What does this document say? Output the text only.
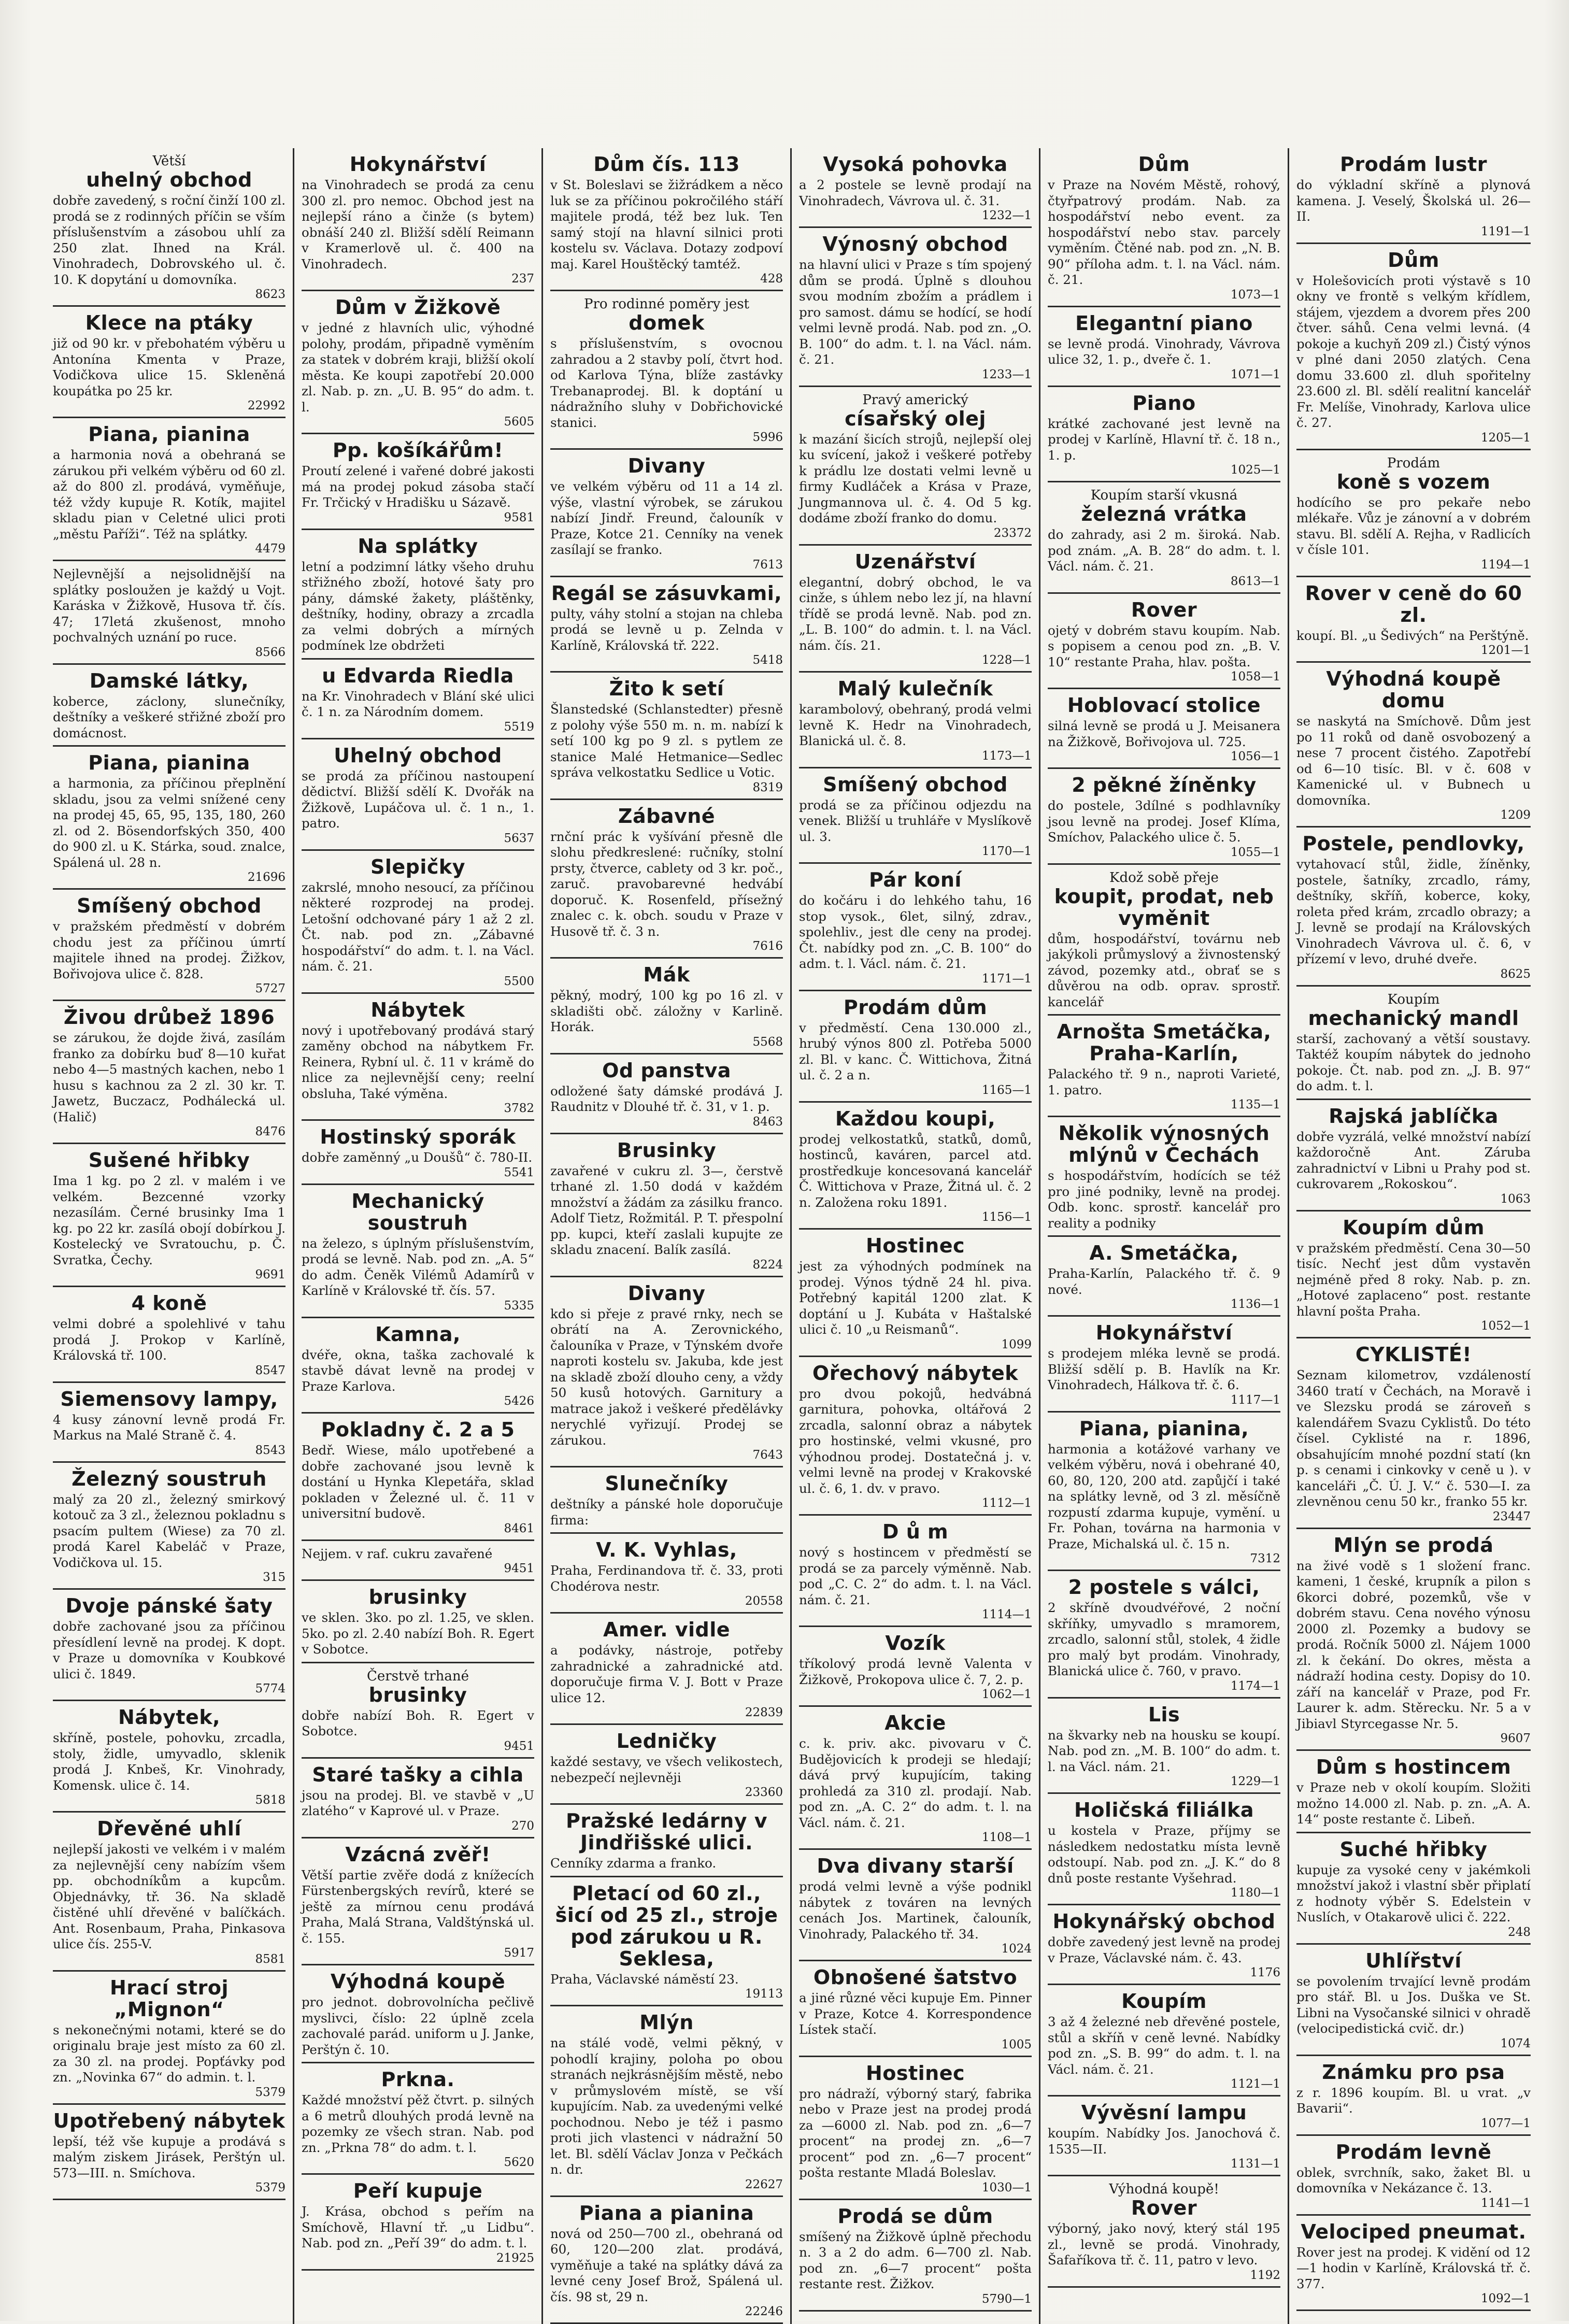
Větší

uhelný obchod

dobře zavedený, s roční činží 100 zl. prodá se z rodinných příčin se vším příslušenstvím a zásobou uhlí za 250 zlat. Ihned na Král. Vinohradech, Dobrovského ul. č. 10. K dopytání u domovníka.

8623

Klece na ptáky

již od 90 kr. v přebohatém výběru u Antonína Kmenta v Praze, Vodičkova ulice 15. Skleněná koupátka po 25 kr.

22992

Piana, pianina

a harmonia nová a obehraná se zárukou při velkém výběru od 60 zl. až do 800 zl. prodává, vyměňuje, též vždy kupuje R. Kotík, majitel skladu pian v Celetné ulici proti „městu Paříži“. Též na splátky.

4479

Nejlevnější a nejsolidnější na splátky posloužen je každý u Vojt. Karáska v Žižkově, Husova tř. čís. 47; 17letá zkušenost, mnoho pochvalných uznání po ruce.

8566

Damské látky,

koberce, záclony, slunečníky, deštníky a veškeré střižné zboží pro domácnost.

Piana, pianina

a harmonia, za příčinou přeplnění skladu, jsou za velmi snížené ceny na prodej 45, 65, 95, 135, 180, 260 zl. od 2. Bösendorfských 350, 400 do 900 zl. u K. Stárka, soud. znalce, Spálená ul. 28 n.

21696

Smíšený obchod

v pražském předměstí v dobrém chodu jest za příčinou úmrtí majitele ihned na prodej. Žižkov, Bořivojova ulice č. 828.

5727

Živou drůbež 1896

se zárukou, že dojde živá, zasílám franko za dobírku buď 8—10 kuřat nebo 4—5 mastných kachen, nebo 1 husu s kachnou za 2 zl. 30 kr. T. Jawetz, Buczacz, Podhálecká ul. (Halič)

8476

Sušené hřibky

Ima 1 kg. po 2 zl. v malém i ve velkém. Bezcenné vzorky nezasílám. Černé brusinky Ima 1 kg. po 22 kr. zasílá obojí dobírkou J. Kostelecký ve Svratouchu, p. Č. Svratka, Čechy.

9691

4 koně

velmi dobré a spolehlivé v tahu prodá J. Prokop v Karlíně, Královská tř. 100.

8547

Siemensovy lampy,

4 kusy zánovní levně prodá Fr. Markus na Malé Straně č. 4.

8543

Železný soustruh

malý za 20 zl., železný smirkový kotouč za 3 zl., železnou pokladnu s psacím pultem (Wiese) za 70 zl. prodá Karel Kabeláč v Praze, Vodičkova ul. 15.

315

Dvoje pánské šaty

dobře zachované jsou za příčinou přesídlení levně na prodej. K dopt. v Praze u domovníka v Koubkové ulici č. 1849.

5774

Nábytek,

skříně, postele, pohovku, zrcadla, stoly, židle, umyvadlo, sklenik prodá J. Knbeš, Kr. Vinohrady, Komensk. ulice č. 14.

5818

Dřevěné uhlí

nejlepší jakosti ve velkém i v malém za nejlevnější ceny nabízím všem pp. obchodníkům a kupcům. Objednávky, tř. 36. Na skladě čistěné uhlí dřevěné v balíčkách. Ant. Rosenbaum, Praha, Pinkasova ulice čís. 255-V.

8581

Hrací stroj „Mignon“

s nekonečnými notami, které se do originalu braje jest místo za 60 zl. za 30 zl. na prodej. Popťávky pod zn. „Novinka 67“ do admin. t. l.

5379

Upotřebený nábytek

lepší, též vše kupuje a prodává s malým ziskem Jirásek, Perštýn ul. 573—III. n. Smíchova.

5379

Hokynářství

na Vinohradech se prodá za cenu 300 zl. pro nemoc. Obchod jest na nejlepší ráno a činže (s bytem) obnáší 240 zl. Bližší sdělí Reimann v Kramerlově ul. č. 400 na Vinohradech.

237

Dům v Žižkově

v jedné z hlavních ulic, výhodné polohy, prodám, připadně vyměním za statek v dobrém kraji, bližší okolí města. Ke koupi zapotřebí 20.000 zl. Nab. p. zn. „U. B. 95“ do adm. t. l.

5605

Pp. košíkářům!

Proutí zelené i vařené dobré jakosti má na prodej pokud zásoba stačí Fr. Trčický v Hradišku u Sázavě.

9581

Na splátky

letní a podzimní látky všeho druhu střižného zboží, hotové šaty pro pány, dámské žakety, pláštěnky, deštníky, hodiny, obrazy a zrcadla za velmi dobrých a mírných podmínek lze obdržeti

u Edvarda Riedla

na Kr. Vinohradech v Blání ské ulici č. 1 n. za Národním domem.

5519

Uhelný obchod

se prodá za příčinou nastoupení dědictví. Bližší sdělí K. Dvořák na Žižkově, Lupáčova ul. č. 1 n., 1. patro.

5637

Slepičky

zakrslé, mnoho nesoucí, za příčinou některé rozprodej na prodej. Letošní odchované páry 1 až 2 zl. Čt. nab. pod zn. „Zábavné hospodářství“ do adm. t. l. na Václ. nám. č. 21.

5500

Nábytek

nový i upotřebovaný prodává starý zaměny obchod na nábytkem Fr. Reinera, Rybní ul. č. 11 v krámě do nlice za nejlevnější ceny; reelní obsluha, Také výměna.

3782

Hostinský sporák

dobře zaměnný „u Doušů“ č. 780-II.

5541

Mechanický soustruh

na železo, s úplným příslušenstvím, prodá se levně. Nab. pod zn. „A. 5“ do adm. Čeněk Vilémů Adamírů v Karlíně v Královské tř. čís. 57.

5335

Kamna,

dvéře, okna, taška zachovalé k stavbě dávat levně na prodej v Praze Karlova.

5426

Pokladny č. 2 a 5

Bedř. Wiese, málo upotřebené a dobře zachované jsou levně k dostání u Hynka Klepetářa, sklad pokladen v Železné ul. č. 11 v universitní budově.

8461

Nejjem. v raf. cukru zavařené

9451

brusinky

ve sklen. 3ko. po zl. 1.25, ve sklen. 5ko. po zl. 2.40 nabízí Boh. R. Egert v Sobotce.

Čerstvě trhané

brusinky

dobře nabízí Boh. R. Egert v Sobotce.

9451

Staré tašky a cihla

jsou na prodej. Bl. ve stavbě v „U zlatého“ v Kaprové ul. v Praze.

270

Vzácná zvěř!

Větší partie zvěře dodá z knížecích Fürstenbergských revírů, které se ještě za mírnou cenu prodává Praha, Malá Strana, Valdštýnská ul. č. 155.

5917

Výhodná koupě

pro jednot. dobrovolnícha pečlivě myslivci, číslo: 22 úplně zcela zachovalé parád. uniform u J. Janke, Perštýn č. 10.

Prkna.

Každé množství pěž čtvrt. p. silných a 6 metrů dlouhých prodá levně na pozemky ze všech stran. Nab. pod zn. „Prkna 78“ do adm. t. l.

5620

Peří kupuje

J. Krása, obchod s peřím na Smíchově, Hlavní tř. „u Lidbu“. Nab. pod zn. „Peří 39“ do adm. t. l.

21925

Dům čís. 113

v St. Boleslavi se žižrádkem a něco luk se za příčinou pokročilého stáří majitele prodá, též bez luk. Ten samý stojí na hlavní silnici proti kostelu sv. Václava. Dotazy zodpoví maj. Karel Houštěcký tamtéž.

428

Pro rodinné poměry jest

domek

s příslušenstvím, s ovocnou zahradou a 2 stavby polí, čtvrt hod. od Karlova Týna, blíže zastávky Trebanaprodej. Bl. k doptání u nádražního sluhy v Dobřichovické stanici.

5996

Divany

ve velkém výběru od 11 a 14 zl. výše, vlastní výrobek, se zárukou nabízí Jindř. Freund, čalouník v Praze, Kotce 21. Cenníky na venek zasílají se franko.

7613

Regál se zásuvkami,

pulty, váhy stolní a stojan na chleba prodá se levně u p. Zelnda v Karlíně, Královská tř. 222.

5418

Žito k setí

Šlanstedské (Schlanstedter) přesně z polohy výše 550 m. n. m. nabízí k setí 100 kg po 9 zl. s pytlem ze stanice Malé Hetmanice—Sedlec správa velkostatku Sedlice u Votic.

8319

Zábavné

rnční prác k vyšívání přesně dle slohu předkreslené: ručníky, stolní prsty, čtverce, cablety od 3 kr. poč., zaruč. pravobarevné hedvábí doporuč. K. Rosenfeld, přísežný znalec c. k. obch. soudu v Praze v Husově tř. č. 3 n.

7616

Mák

pěkný, modrý, 100 kg po 16 zl. v skladišti obč. záložny v Karlině. Horák.

5568

Od panstva

odložené šaty dámské prodává J. Raudnitz v Dlouhé tř. č. 31, v 1. p.

8463

Brusinky

zavařené v cukru zl. 3—, čerstvě trhané zl. 1.50 dodá v každém množství a žádám za zásilku franco. Adolf Tietz, Rožmitál. P. T. přespolní pp. kupci, kteří zaslali kupujte ze skladu znacení. Balík zasílá.

8224

Divany

kdo si přeje z pravé rnky, nech se obrátí na A. Zerovnického, čalouníka v Praze, v Týnském dvoře naproti kostelu sv. Jakuba, kde jest na skladě zboží dlouho ceny, a vždy 50 kusů hotových. Garnitury a matrace jakož i veškeré předělávky nerychlé vyřizují. Prodej se zárukou.

7643

Slunečníky

deštníky a pánské hole doporučuje firma:

V. K. Vyhlas,

Praha, Ferdinandova tř. č. 33, proti Chodérova nestr.

20558

Amer. vidle

a podávky, nástroje, potřeby zahradnické a zahradnické atd. doporučuje firma V. J. Bott v Praze ulice 12.

22839

Ledničky

každé sestavy, ve všech velikostech, nebezpečí nejlevněji

23360

Pražské ledárny v Jindřišské ulici.

Cenníky zdarma a franko.

Pletací od 60 zl., šicí od 25 zl., stroje pod zárukou u R. Seklesa,

Praha, Václavské náměstí 23.

19113

Mlýn

na stálé vodě, velmi pěkný, v pohodlí krajiny, poloha po obou stranách nejkrásnějším městě, nebo v průmyslovém místě, se vší kupujícím. Nab. za uvedenými velké pochodnou. Nebo je též i pasmo proti jich vlastenci v nádražní 50 let. Bl. sdělí Václav Jonza v Pečkách n. dr.

22627

Piana a pianina

nová od 250—700 zl., obehraná od 60, 120—200 zlat. prodává, vyměňuje a také na splátky dává za levné ceny Josef Brož, Spálená ul. čís. 98 st, 29 n.

22246

Vysoká pohovka

a 2 postele se levně prodají na Vinohradech, Vávrova ul. č. 31.

1232—1

Výnosný obchod

na hlavní ulici v Praze s tím spojený dům se prodá. Úplně s dlouhou svou modním zbožím a prádlem i pro samost. dámu se hodící, se hodí velmi levně prodá. Nab. pod zn. „O. B. 100“ do adm. t. l. na Václ. nám. č. 21.

1233—1

Pravý americký

císařský olej

k mazání šicích strojů, nejlepší olej ku svícení, jakož i veškeré potřeby k prádlu lze dostati velmi levně u firmy Kudláček a Krása v Praze, Jungmannova ul. č. 4. Od 5 kg. dodáme zboží franko do domu.

23372

Uzenářství

elegantní, dobrý obchod, le va cinže, s úhlem nebo lez jí, na hlavní třídě se prodá levně. Nab. pod zn. „L. B. 100“ do admin. t. l. na Václ. nám. čís. 21.

1228—1

Malý kulečník

karambolový, obehraný, prodá velmi levně K. Hedr na Vinohradech, Blanická ul. č. 8.

1173—1

Smíšený obchod

prodá se za příčinou odjezdu na venek. Bližší u truhláře v Myslíkově ul. 3.

1170—1

Pár koní

do kočáru i do lehkého tahu, 16 stop vysok., 6let, silný, zdrav., spolehliv., jest dle ceny na prodej. Čt. nabídky pod zn. „C. B. 100“ do adm. t. l. Václ. nám. č. 21.

1171—1

Prodám dům

v předměstí. Cena 130.000 zl., hrubý výnos 800 zl. Potřeba 5000 zl. Bl. v kanc. Č. Wittichova, Žitná ul. č. 2 a n.

1165—1

Každou koupi,

prodej velkostatků, statků, domů, hostinců, kaváren, parcel atd. prostředkuje koncesovaná kancelář Č. Wittichova v Praze, Žitná ul. č. 2 n. Založena roku 1891.

1156—1

Hostinec

jest za výhodných podmínek na prodej. Výnos týdně 24 hl. piva. Potřebný kapitál 1200 zlat. K doptání u J. Kubáta v Haštalské ulici č. 10 „u Reismanů“.

1099

Ořechový nábytek

pro dvou pokojů, hedvábná garnitura, pohovka, oltářová 2 zrcadla, salonní obraz a nábytek pro hostinské, velmi vkusné, pro výhodnou prodej. Dostatečná j. v. velmi levně na prodej v Krakovské ul. č. 6, 1. dv. v pravo.

1112—1

D ů m

nový s hostincem v předměstí se prodá se za parcely výměnně. Nab. pod „C. C. 2“ do adm. t. l. na Václ. nám. č. 21.

1114—1

Vozík

tříkolový prodá levně Valenta v Žižkově, Prokopova ulice č. 7, 2. p.

1062—1

Akcie

c. k. priv. akc. pivovaru v Č. Budějovicích k prodeji se hledají; dává prvý kupujícím, taking prohledá za 310 zl. prodají. Nab. pod zn. „A. C. 2“ do adm. t. l. na Václ. nám. č. 21.

1108—1

Dva divany starší

prodá velmi levně a výše podnikl nábytek z továren na levných cenách Jos. Martinek, čalouník, Vinohrady, Palackého tř. 34.

1024

Obnošené šatstvo

a jiné různé věci kupuje Em. Pinner v Praze, Kotce 4. Korrespondence Lístek stačí.

1005

Hostinec

pro nádraží, výborný starý, fabrika nebo v Praze jest na prodej prodá za —6000 zl. Nab. pod zn. „6—7 procent“ na prodej zn. „6—7 procent“ pod zn. „6—7 procent“ pošta restante Mladá Boleslav.

1030—1

Prodá se dům

smíšený na Žižkově úplně přechodu n. 3 a 2 do adm. 6—700 zl. Nab. pod zn. „6—7 procent“ pošta restante rest. Žižkov.

5790—1

Dům

v Praze na Novém Městě, rohový, čtyřpatrový prodám. Nab. za hospodářství nebo event. za hospodářství nebo stav. parcely vyměním. Čtěné nab. pod zn. „N. B. 90“ příloha adm. t. l. na Václ. nám. č. 21.

1073—1

Elegantní piano

se levně prodá. Vinohrady, Vávrova ulice 32, 1. p., dveře č. 1.

1071—1

Piano

krátké zachované jest levně na prodej v Karlíně, Hlavní tř. č. 18 n., 1. p.

1025—1

Koupím starší vkusná

železná vrátka

do zahrady, asi 2 m. široká. Nab. pod znám. „A. B. 28“ do adm. t. l. Václ. nám. č. 21.

8613—1

Rover

ojetý v dobrém stavu koupím. Nab. s popisem a cenou pod zn. „B. V. 10“ restante Praha, hlav. pošta.

1058—1

Hoblovací stolice

silná levně se prodá u J. Meisanera na Žižkově, Bořivojova ul. 725.

1056—1

2 pěkné žíněnky

do postele, 3dílné s podhlavníky jsou levně na prodej. Josef Klíma, Smíchov, Palackého ulice č. 5.

1055—1

Kdož sobě přeje

koupit, prodat, neb vyměnit

dům, hospodářství, továrnu neb jakýkoli průmyslový a živnostenský závod, pozemky atd., obrať se s důvěrou na odb. oprav. sprostř. kancelář

Arnošta Smetáčka, Praha-Karlín,

Palackého tř. 9 n., naproti Varieté, 1. patro.

1135—1

Několik výnosných mlýnů v Čechách

s hospodářstvím, hodících se též pro jiné podniky, levně na prodej. Odb. konc. sprostř. kancelář pro reality a podniky

A. Smetáčka,

Praha-Karlín, Palackého tř. č. 9 nové.

1136—1

Hokynářství

s prodejem mléka levně se prodá. Bližší sdělí p. B. Havlík na Kr. Vinohradech, Hálkova tř. č. 6.

1117—1

Piana, pianina,

harmonia a kotážové varhany ve velkém výběru, nová i obehrané 40, 60, 80, 120, 200 atd. zapůjčí i také na splátky levně, od 3 zl. měsíčně rozpustí zdarma kupuje, vymění. u Fr. Pohan, továrna na harmonia v Praze, Michalská ul. č. 15 n.

7312

2 postele s válci,

2 skříně dvoudvéřové, 2 noční skříňky, umyvadlo s mramorem, zrcadlo, salonní stůl, stolek, 4 židle pro malý byt prodám. Vinohrady, Blanická ulice č. 760, v pravo.

1174—1

Lis

na škvarky neb na housku se koupí. Nab. pod zn. „M. B. 100“ do adm. t. l. na Václ. nám. 21.

1229—1

Holičská filiálka

u kostela v Praze, příjmy se následkem nedostatku místa levně odstoupí. Nab. pod zn. „J. K.“ do 8 dnů poste restante Vyšehrad.

1180—1

Hokynářský obchod

dobře zavedený jest levně na prodej v Praze, Václavské nám. č. 43.

1176

Koupím

3 až 4 železné neb dřevěné postele, stůl a skříň v ceně levné. Nabídky pod zn. „S. B. 99“ do adm. t. l. na Václ. nám. č. 21.

1121—1

Vývěsní lampu

koupím. Nabídky Jos. Janochová č. 1535—II.

1131—1

Výhodná koupě!

Rover

výborný, jako nový, který stál 195 zl., levně se prodá. Vinohrady, Šafaříkova tř. č. 11, patro v levo.

1192

Prodám lustr

do výkladní skříně a plynová kamena. J. Veselý, Školská ul. 26—II.

1191—1

Dům

v Holešovicích proti výstavě s 10 okny ve frontě s velkým křídlem, stájem, vjezdem a dvorem přes 200 čtver. sáhů. Cena velmi levná. (4 pokoje a kuchyň 209 zl.) Čistý výnos v plné dani 2050 zlatých. Cena domu 33.600 zl. dluh spořitelny 23.600 zl. Bl. sdělí realitní kancelář Fr. Melíše, Vinohrady, Karlova ulice č. 27.

1205—1

Prodám

koně s vozem

hodícího se pro pekaře nebo mlékaře. Vůz je zánovní a v dobrém stavu. Bl. sdělí A. Rejha, v Radlicích v čísle 101.

1194—1

Rover v ceně do 60 zl.

koupí. Bl. „u Šedivých“ na Perštýně.

1201—1

Výhodná koupě domu

se naskytá na Smíchově. Dům jest po 11 roků od daně osvobozený a nese 7 procent čistého. Zapotřebí od 6—10 tisíc. Bl. v č. 608 v Kamenické ul. v Bubnech u domovníka.

1209

Postele, pendlovky,

vytahovací stůl, židle, žíněnky, postele, šatníky, zrcadlo, rámy, deštníky, skříň, koberce, koky, roleta před krám, zrcadlo obrazy; a J. levně se prodají na Královských Vinohradech Vávrova ul. č. 6, v přízemí v levo, druhé dveře.

8625

Koupím

mechanický mandl

starší, zachovaný a větší soustavy. Taktéž koupím nábytek do jednoho pokoje. Čt. nab. pod zn. „J. B. 97“ do adm. t. l.

Rajská jablíčka

dobře vyzrálá, velké množství nabízí každoročně Ant. Záruba zahradnictví v Libni u Prahy pod st. cukrovarem „Rokoskou“.

1063

Koupím dům

v pražském předměstí. Cena 30—50 tisíc. Nechť jest dům vystavěn nejméně před 8 roky. Nab. p. zn. „Hotové zaplaceno“ post. restante hlavní pošta Praha.

1052—1

CYKLISTÉ!

Seznam kilometrov, vzdáleností 3460 tratí v Čechách, na Moravě i ve Slezsku prodá se zároveň s kalendářem Svazu Cyklistů. Do této čísel. Cyklisté na r. 1896, obsahujícím mnohé pozdní statí (kn p. s cenami i cinkovky v ceně u ). v kanceláři „Č. Ú. J. V.“ č. 530—I. za zlevněnou cenu 50 kr., franko 55 kr.

23447

Mlýn se prodá

na živé vodě s 1 složení franc. kameni, 1 české, krupník a pilon s 6korci dobré, pozemků, vše v dobrém stavu. Cena nového výnosu 2000 zl. Pozemky a budovy se prodá. Ročník 5000 zl. Nájem 1000 zl. k čekání. Do okres, města a nádraží hodina cesty. Dopisy do 10. září na kancelář v Praze, pod Fr. Laurer k. adm. Stěrecku. Nr. 5 a v Jibiavl Styrcegasse Nr. 5.

9607

Dům s hostincem

v Praze neb v okolí koupím. Složiti možno 14.000 zl. Nab. p. zn. „A. A. 14“ poste restante č. Libeň.

Suché hřibky

kupuje za vysoké ceny v jakémkoli množství jakož i vlastní sběr připlatí z hodnoty výběr S. Edelstein v Nuslích, v Otakarově ulici č. 222.

248

Uhlířství

se povolením trvající levně prodám pro stář. Bl. u Jos. Duška ve St. Libni na Vysočanské silnici v ohradě (velocipedistická cvič. dr.)

1074

Známku pro psa

z r. 1896 koupím. Bl. u vrat. „v Bavarii“.

1077—1

Prodám levně

oblek, svrchník, sako, žaket Bl. u domovníka v Nekázance č. 13.

1141—1

Velociped pneumat.

Rover jest na prodej. K vidění od 12—1 hodin v Karlíně, Královská tř. č. 377.

1092—1
